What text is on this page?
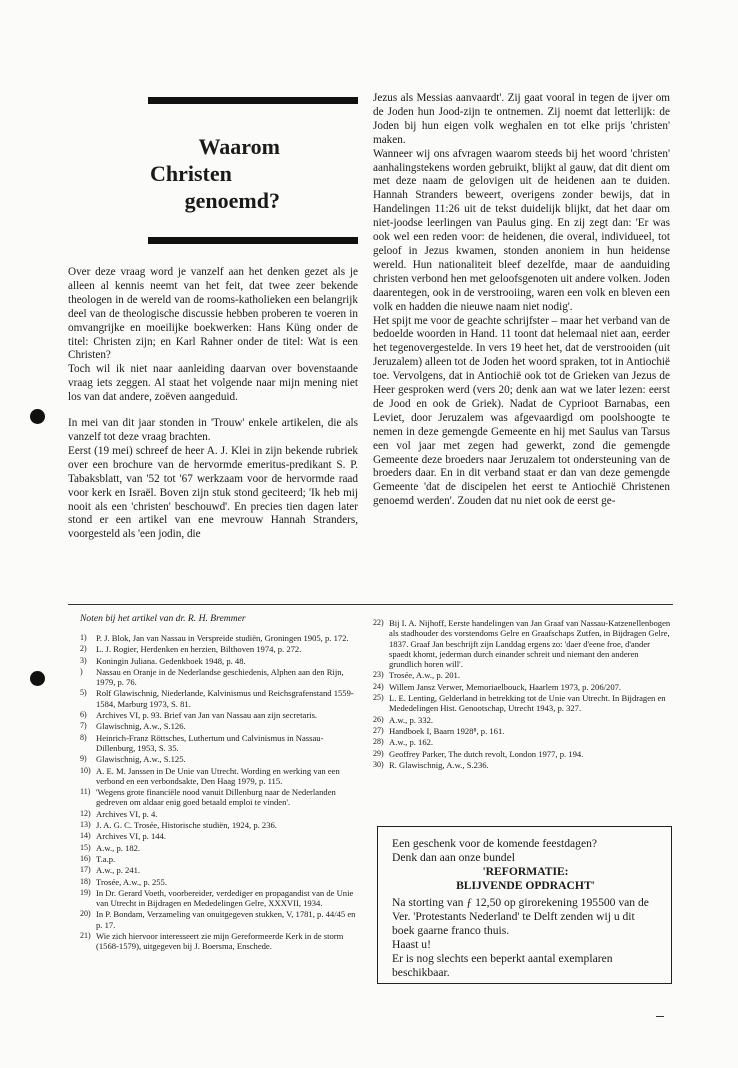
Waarom
Christen
genoemd?

Over deze vraag word je vanzelf aan het denken gezet als je alleen al kennis neemt van het feit, dat twee zeer bekende theologen in de wereld van de rooms-katholieken een belangrijk deel van de theologische discussie hebben proberen te voeren in omvangrijke en moeilijke boekwerken: Hans Küng onder de titel: Christen zijn; en Karl Rahner onder de titel: Wat is een Christen?

Toch wil ik niet naar aanleiding daarvan over bovenstaande vraag iets zeggen. Al staat het volgende naar mijn mening niet los van dat andere, zoëven aangeduid.

In mei van dit jaar stonden in 'Trouw' enkele artikelen, die als vanzelf tot deze vraag brachten.

Eerst (19 mei) schreef de heer A. J. Klei in zijn bekende rubriek over een brochure van de hervormde emeritus-predikant S. P. Tabaksblatt, van '52 tot '67 werkzaam voor de hervormde raad voor kerk en Israël. Boven zijn stuk stond geciteerd; 'Ik heb mij nooit als een 'christen' beschouwd'. En precies tien dagen later stond er een artikel van ene mevrouw Hannah Stranders, voorgesteld als 'een jodin, die

Jezus als Messias aanvaardt'. Zij gaat vooral in tegen de ijver om de Joden hun Jood-zijn te ontnemen. Zij noemt dat letterlijk: de Joden bij hun eigen volk weghalen en tot elke prijs 'christen' maken.

Wanneer wij ons afvragen waarom steeds bij het woord 'christen' aanhalingstekens worden gebruikt, blijkt al gauw, dat dit dient om met deze naam de gelovigen uit de heidenen aan te duiden. Hannah Stranders beweert, overigens zonder bewijs, dat in Handelingen 11:26 uit de tekst duidelijk blijkt, dat het daar om niet-joodse leerlingen van Paulus ging. En zij zegt dan: 'Er was ook wel een reden voor: de heidenen, die overal, individueel, tot geloof in Jezus kwamen, stonden anoniem in hun heidense wereld. Hun nationaliteit bleef dezelfde, maar de aanduiding christen verbond hen met geloofsgenoten uit andere volken. Joden daarentegen, ook in de verstrooiing, waren een volk en bleven een volk en hadden die nieuwe naam niet nodig'.

Het spijt me voor de geachte schrijfster – maar het verband van de bedoelde woorden in Hand. 11 toont dat helemaal niet aan, eerder het tegenovergestelde. In vers 19 heet het, dat de verstrooiden (uit Jeruzalem) alleen tot de Joden het woord spraken, tot in Antiochië toe. Vervolgens, dat in Antiochië ook tot de Grieken van Jezus de Heer gesproken werd (vers 20; denk aan wat we later lezen: eerst de Jood en ook de Griek). Nadat de Cyprioot Barnabas, een Leviet, door Jeruzalem was afgevaardigd om poolshoogte te nemen in deze gemengde Gemeente en hij met Saulus van Tarsus een vol jaar met zegen had gewerkt, zond die gemengde Gemeente deze broeders naar Jeruzalem tot ondersteuning van de broeders daar. En in dit verband staat er dan van deze gemengde Gemeente 'dat de discipelen het eerst te Antiochië Christenen genoemd werden'. Zouden dat nu niet ook de eerst ge-

Noten bij het artikel van dr. R. H. Bremmer
1)	P. J. Blok, Jan van Nassau in Verspreide studiën, Groningen 1905, p. 172.
2)	L. J. Rogier, Herdenken en herzien, Bilthoven 1974, p. 272.
3)	Koningin Juliana. Gedenkboek 1948, p. 48.
)	Nassau en Oranje in de Nederlandse geschiedenis, Alphen aan den Rijn, 1979, p. 76.
5)	Rolf Glawischnig, Niederlande, Kalvinismus und Reichsgrafenstand 1559-1584, Marburg 1973, S. 81.
6)	Archives VI, p. 93. Brief van Jan van Nassau aan zijn secretaris.
7)	Glawischnig, A.w., S.126.
8)	Heinrich-Franz Röttsches, Luthertum und Calvinismus in Nassau-Dillenburg, 1953, S. 35.
9)	Glawischnig, A.w., S.125.
10) A. E. M. Janssen in De Unie van Utrecht. Wording en werking van een verbond en een verbondsakte, Den Haag 1979, p. 115.
11) 'Wegens grote financiële nood vanuit Dillenburg naar de Nederlanden gedreven om aldaar enig goed betaald emploi te vinden'.
12) Archives VI, p. 4.
13) J. A. G. C. Trosée, Historische studiën, 1924, p. 236.
14) Archives VI, p. 144.
15) A.w., p. 182.
16) T.a.p.
17) A.w., p. 241.
18) Trosée, A.w., p. 255.
19) In Dr. Gerard Voeth, voorbereider, verdediger en propagandist van de Unie van Utrecht in Bijdragen en Mededelingen Gelre, XXXVII, 1934.
20) In P. Bondam, Verzameling van onuitgegeven stukken, V, 1781, p. 44/45 en p. 17.
21) Wie zich hiervoor interesseert zie mijn Gereformeerde Kerk in de storm (1568-1579), uitgegeven bij J. Boersma, Enschede.
22) Bij I. A. Nijhoff, Eerste handelingen van Jan Graaf van Nassau-Katzenellenbogen als stadhouder des vorstendoms Gelre en Graafschaps Zutfen, in Bijdragen Gelre, 1837. Graaf Jan beschrijft zijn Landdag ergens zo: 'daer d'eene froe, d'ander spaedt khomt, jederman durch einander schreit und niemant den anderen grundlich horen will'.
23) Trosée, A.w., p. 201.
24) Willem Jansz Verwer, Memoriaelbouck, Haarlem 1973, p. 206/207.
25) L. E. Lenting, Gelderland in betrekking tot de Unie van Utrecht. In Bijdragen en Mededelingen Hist. Genootschap, Utrecht 1943, p. 327.
26) A.w., p. 332.
27) Handboek I, Baarn 1928⁸, p. 161.
28) A.w., p. 162.
29) Geoffrey Parker, The dutch revolt, London 1977, p. 194.
30) R. Glawischnig, A.w., S.236.

Een geschenk voor de komende feestdagen?

Denk dan aan onze bundel

'REFORMATIE:

BLIJVENDE OPDRACHT'

Na storting van ƒ 12,50 op girorekening 195500 van de Ver. 'Protestants Nederland' te Delft zenden wij u dit boek gaarne franco thuis.

Haast u!

Er is nog slechts een beperkt aantal exemplaren beschikbaar.
